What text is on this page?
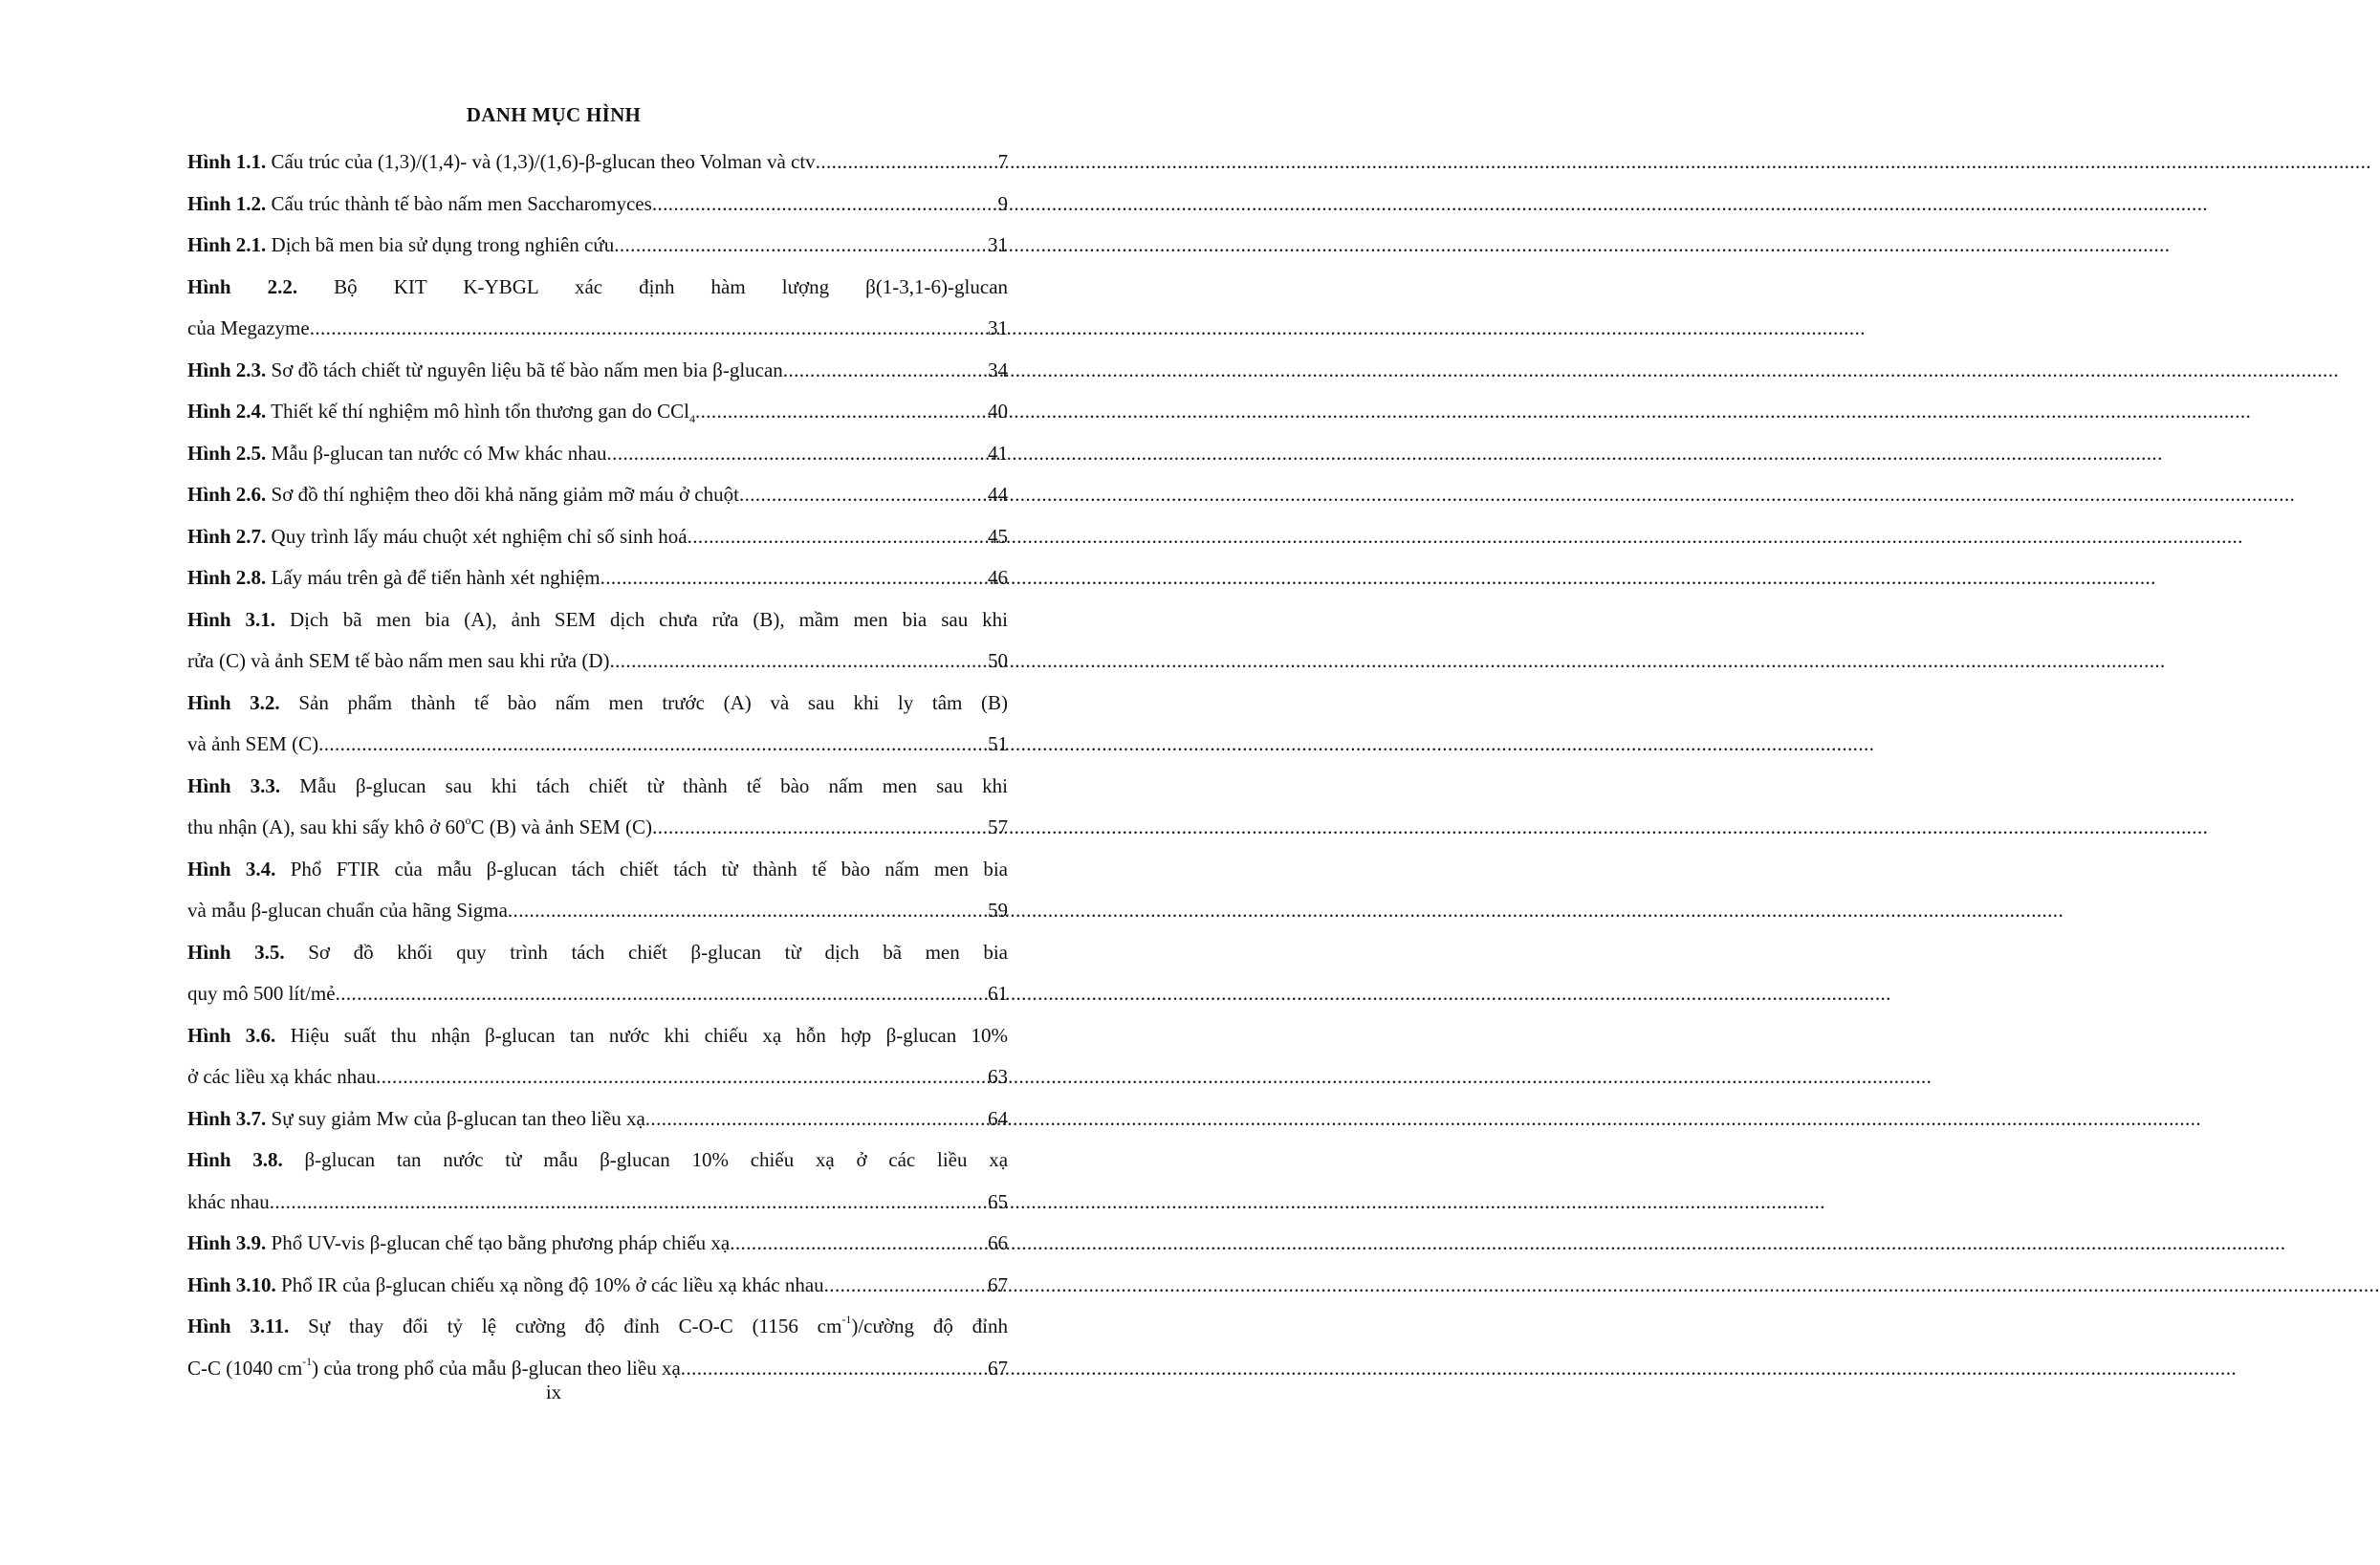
DANH MỤC HÌNH
Hình 1.1. Cấu trúc của (1,3)/(1,4)- và (1,3)/(1,6)-β-glucan theo Volman và ctv .....	7
Hình 1.2. Cấu trúc thành tế bào nấm men Saccharomyces .....	9
Hình 2.1. Dịch bã men bia sử dụng trong nghiên cứu .....	31
Hình 2.2. Bộ KIT K-YBGL xác định hàm lượng β(1-3,1-6)-glucan
của Megazyme .....	31
Hình 2.3. Sơ đồ tách chiết từ nguyên liệu bã tế bào nấm men bia β-glucan .....	34
Hình 2.4. Thiết kế thí nghiệm mô hình tổn thương gan do CCl$_4$ .....	40
Hình 2.5. Mẫu β-glucan tan nước có Mw khác nhau .....	41
Hình 2.6. Sơ đồ thí nghiệm theo dõi khả năng giảm mỡ máu ở chuột .....	44
Hình 2.7. Quy trình lấy máu chuột xét nghiệm chỉ số sinh hoá .....	45
Hình 2.8. Lấy máu trên gà để tiến hành xét nghiệm .....	46
Hình 3.1. Dịch bã men bia (A), ảnh SEM dịch chưa rửa (B), mầm men bia sau khi
rửa (C) và ảnh SEM tế bào nấm men sau khi rửa (D) .....	50
Hình 3.2. Sản phẩm thành tế bào nấm men trước (A) và sau khi ly tâm (B)
và ảnh SEM (C) .....	51
Hình 3.3. Mẫu β-glucan sau khi tách chiết từ thành tế bào nấm men sau khi
thu nhận (A), sau khi sấy khô ở 60$^o$C (B) và ảnh SEM (C) .....	57
Hình 3.4. Phổ FTIR của mẫu β-glucan tách chiết tách từ thành tế bào nấm men bia
và mẫu β-glucan chuẩn của hãng Sigma .....	59
Hình 3.5. Sơ đồ khối quy trình tách chiết β-glucan từ dịch bã men bia
quy mô 500 lít/mẻ .....	61
Hình 3.6. Hiệu suất thu nhận β-glucan tan nước khi chiếu xạ hỗn hợp β-glucan 10%
ở các liều xạ khác nhau .....	63
Hình 3.7. Sự suy giảm Mw của β-glucan tan theo liều xạ .....	64
Hình 3.8. β-glucan tan nước từ mẫu β-glucan 10% chiếu xạ ở các liều xạ
khác nhau .....	65
Hình 3.9. Phổ UV-vis β-glucan chế tạo bằng phương pháp chiếu xạ .....	66
Hình 3.10. Phổ IR của β-glucan chiếu xạ nồng độ 10% ở các liều xạ khác nhau .....	67
Hình 3.11. Sự thay đổi tỷ lệ cường độ đỉnh C-O-C (1156 $cm^{-1}$)/cường độ đỉnh
C-C (1040 $cm^{-1}$) của trong phổ của mẫu β-glucan theo liều xạ .....	67
ix
